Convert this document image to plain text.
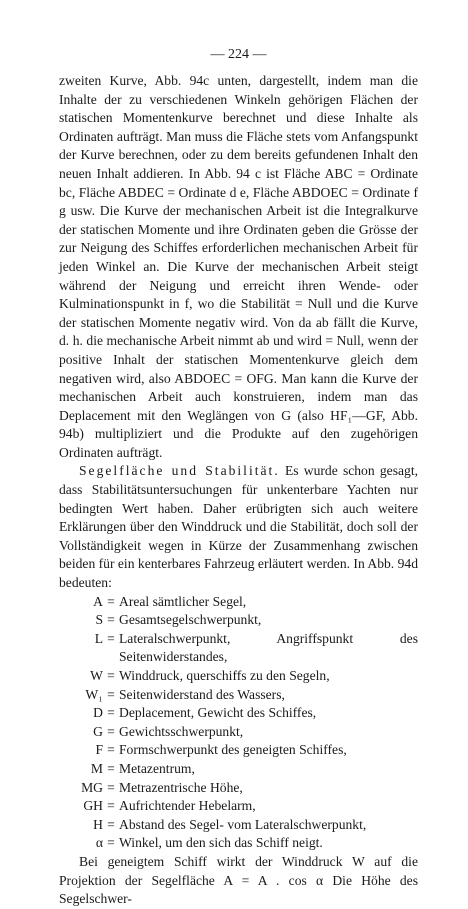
— 224 —

zweiten Kurve, Abb. 94c unten, dargestellt, indem man die Inhalte der zu verschiedenen Winkeln gehörigen Flächen der statischen Momentenkurve berechnet und diese Inhalte als Ordinaten aufträgt. Man muss die Fläche stets vom Anfangspunkt der Kurve berechnen, oder zu dem bereits gefundenen Inhalt den neuen Inhalt addieren. In Abb. 94 c ist Fläche ABC = Ordinate bc, Fläche ABDEC = Ordinate d e, Fläche ABDOEC = Ordinate f g usw. Die Kurve der mechanischen Arbeit ist die Integralkurve der statischen Momente und ihre Ordinaten geben die Grösse der zur Neigung des Schiffes erforderlichen mechanischen Arbeit für jeden Winkel an. Die Kurve der mechanischen Arbeit steigt während der Neigung und erreicht ihren Wende- oder Kulminationspunkt in f, wo die Stabilität = Null und die Kurve der statischen Momente negativ wird. Von da ab fällt die Kurve, d. h. die mechanische Arbeit nimmt ab und wird = Null, wenn der positive Inhalt der statischen Momentenkurve gleich dem negativen wird, also ABDOEC = OFG. Man kann die Kurve der mechanischen Arbeit auch konstruieren, indem man das Deplacement mit den Weglängen von G (also HF₁—GF, Abb. 94b) multipliziert und die Produkte auf den zugehörigen Ordinaten aufträgt.

Segelfläche und Stabilität. Es wurde schon gesagt, dass Stabilitätsuntersuchungen für unkenterbare Yachten nur bedingten Wert haben. Daher erübrigten sich auch weitere Erklärungen über den Winddruck und die Stabilität, doch soll der Vollständigkeit wegen in Kürze der Zusammenhang zwischen beiden für ein kenterbares Fahrzeug erläutert werden. In Abb. 94d bedeuten:

A = Areal sämtlicher Segel,
S = Gesamtsegelschwerpunkt,
L = Lateralschwerpunkt, Angriffspunkt des Seitenwiderstandes,
W = Winddruck, querschiffs zu den Segeln,
W₁ = Seitenwiderstand des Wassers,
D = Deplacement, Gewicht des Schiffes,
G = Gewichtsschwerpunkt,
F = Formschwerpunkt des geneigten Schiffes,
M = Metazentrum,
MG = Metrazentrische Höhe,
GH = Aufrichtender Hebelarm,
H = Abstand des Segel- vom Lateralschwerpunkt,
α = Winkel, um den sich das Schiff neigt.

Bei geneigtem Schiff wirkt der Winddruck W auf die Projektion der Segelfläche A = A . cos α Die Höhe des Segelschwer-
